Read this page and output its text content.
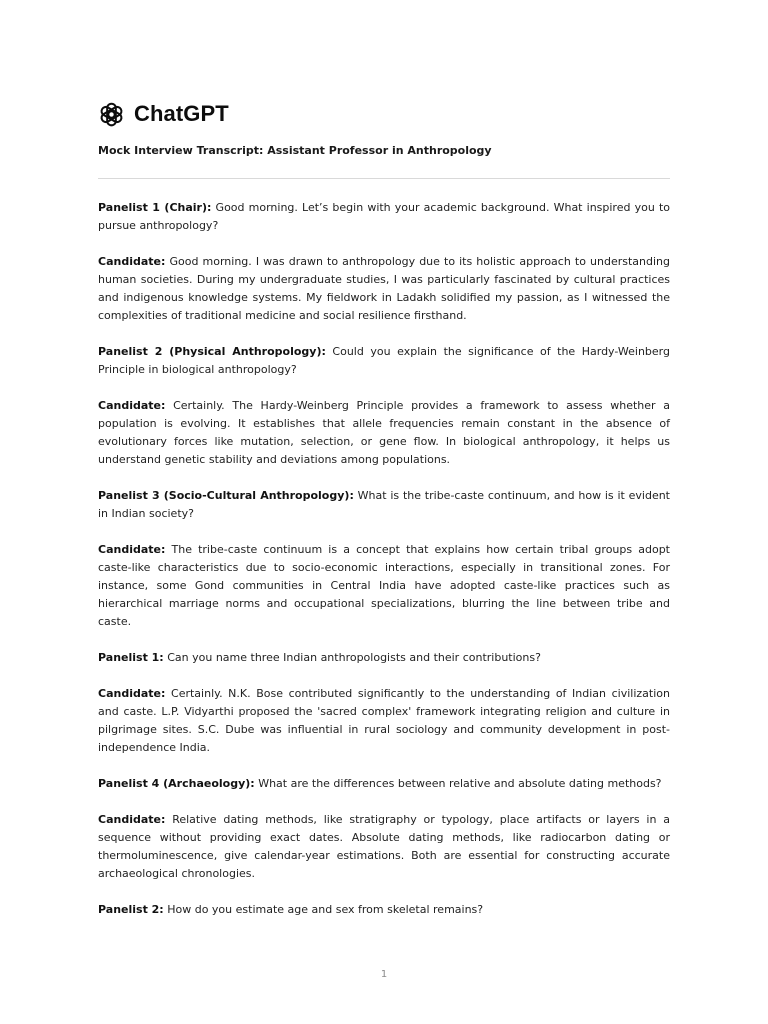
ChatGPT
Mock Interview Transcript: Assistant Professor in Anthropology

Panelist 1 (Chair): Good morning. Let’s begin with your academic background. What inspired you to pursue anthropology?

Candidate: Good morning. I was drawn to anthropology due to its holistic approach to understanding human societies. During my undergraduate studies, I was particularly fascinated by cultural practices and indigenous knowledge systems. My fieldwork in Ladakh solidified my passion, as I witnessed the complexities of traditional medicine and social resilience firsthand.

Panelist 2 (Physical Anthropology): Could you explain the significance of the Hardy-Weinberg Principle in biological anthropology?

Candidate: Certainly. The Hardy-Weinberg Principle provides a framework to assess whether a population is evolving. It establishes that allele frequencies remain constant in the absence of evolutionary forces like mutation, selection, or gene flow. In biological anthropology, it helps us understand genetic stability and deviations among populations.

Panelist 3 (Socio-Cultural Anthropology): What is the tribe-caste continuum, and how is it evident in Indian society?

Candidate: The tribe-caste continuum is a concept that explains how certain tribal groups adopt caste-like characteristics due to socio-economic interactions, especially in transitional zones. For instance, some Gond communities in Central India have adopted caste-like practices such as hierarchical marriage norms and occupational specializations, blurring the line between tribe and caste.

Panelist 1: Can you name three Indian anthropologists and their contributions?

Candidate: Certainly. N.K. Bose contributed significantly to the understanding of Indian civilization and caste. L.P. Vidyarthi proposed the 'sacred complex' framework integrating religion and culture in pilgrimage sites. S.C. Dube was influential in rural sociology and community development in post-independence India.

Panelist 4 (Archaeology): What are the differences between relative and absolute dating methods?

Candidate: Relative dating methods, like stratigraphy or typology, place artifacts or layers in a sequence without providing exact dates. Absolute dating methods, like radiocarbon dating or thermoluminescence, give calendar-year estimations. Both are essential for constructing accurate archaeological chronologies.

Panelist 2: How do you estimate age and sex from skeletal remains?

1
